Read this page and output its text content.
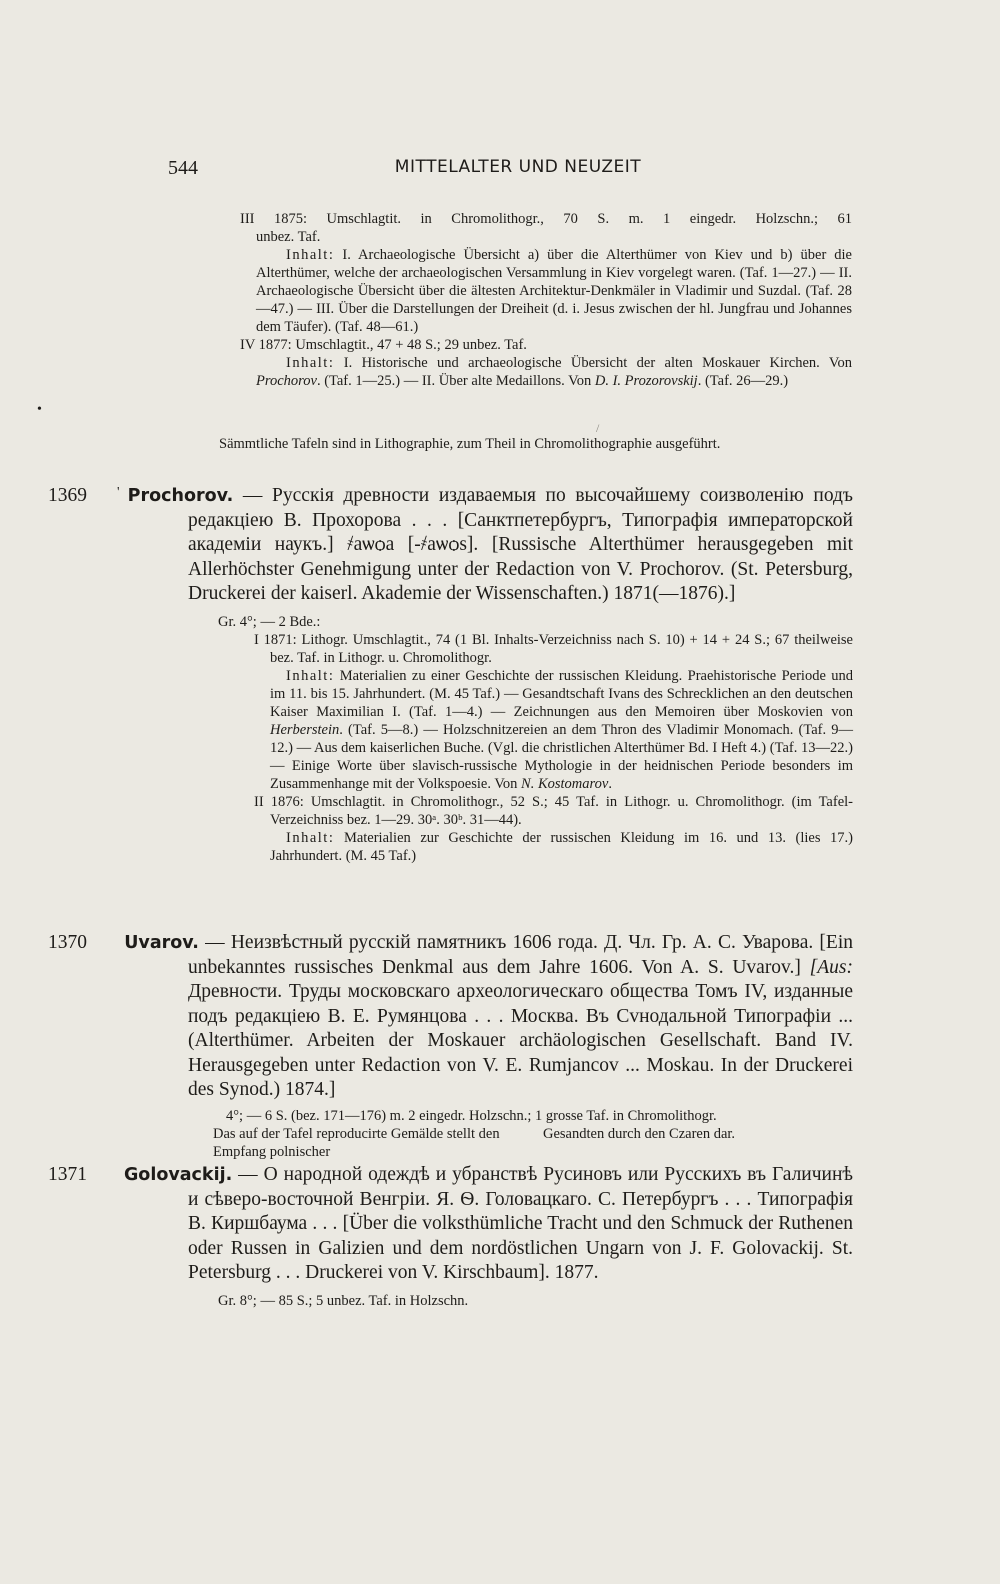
544	MITTELALTER UND NEUZEIT
III 1875: Umschlagtit. in Chromolithogr., 70 S. m. 1 eingedr. Holzschn.; 61
unbez. Taf.
Inhalt: I. Archaeologische Übersicht a) über die Alterthümer von Kiev und b) über die Alterthümer, welche der archaeologischen Versammlung in Kiev vorgelegt waren. (Taf. 1—27.) — II. Archaeologische Übersicht über die ältesten Architektur-Denkmäler in Vladimir und Suzdal. (Taf. 28—47.) — III. Über die Darstellungen der Dreiheit (d. i. Jesus zwischen der hl. Jungfrau und Johannes dem Täufer). (Taf. 48—61.)
IV 1877: Umschlagtit., 47 + 48 S.; 29 unbez. Taf.
Inhalt: I. Historische und archaeologische Übersicht der alten Moskauer Kirchen. Von Prochorov. (Taf. 1—25.) — II. Über alte Medaillons. Von D. I. Prozorovskij. (Taf. 26—29.)
Sämmtliche Tafeln sind in Lithographie, zum Theil in Chromolithographie ausgeführt.
1369 Prochorov. — Русскія древности издаваемыя по высочайшему соизволенію подъ редакціею В. Прохорова . . . [Санктпетербургъ, Типографія императорской академіи наукъ.] ҂аѡѻа [-҂аѡѻѕ]. [Russische Alterthümer herausgegeben mit Allerhöchster Genehmigung unter der Redaction von V. Prochorov. (St. Petersburg, Druckerei der kaiserl. Akademie der Wissenschaften.) 1871(—1876).]
Gr. 4°; — 2 Bde.:
I 1871: Lithogr. Umschlagtit., 74 (1 Bl. Inhalts-Verzeichniss nach S. 10) + 14 + 24 S.; 67 theilweise bez. Taf. in Lithogr. u. Chromolithogr.
Inhalt: Materialien zu einer Geschichte der russischen Kleidung. Praehistorische Periode und im 11. bis 15. Jahrhundert. (M. 45 Taf.) — Gesandtschaft Ivans des Schrecklichen an den deutschen Kaiser Maximilian I. (Taf. 1—4.) — Zeichnungen aus den Memoiren über Moskovien von Herberstein. (Taf. 5—8.) — Holzschnitzereien an dem Thron des Vladimir Monomach. (Taf. 9—12.) — Aus dem kaiserlichen Buche. (Vgl. die christlichen Alterthümer Bd. I Heft 4.) (Taf. 13—22.) — Einige Worte über slavisch-russische Mythologie in der heidnischen Periode besonders im Zusammenhange mit der Volkspoesie. Von N. Kostomarov.
II 1876: Umschlagtit. in Chromolithogr., 52 S.; 45 Taf. in Lithogr. u. Chromolithogr. (im Tafel-Verzeichniss bez. 1—29. 30ᵃ. 30ᵇ. 31—44).
Inhalt: Materialien zur Geschichte der russischen Kleidung im 16. und 13. (lies 17.) Jahrhundert. (M. 45 Taf.)
1370 Uvarov. — Неизвѣстный русскій памятникъ 1606 года. Д. Чл. Гр. А. С. Уварова. [Ein unbekanntes russisches Denkmal aus dem Jahre 1606. Von A. S. Uvarov.] [Aus: Древности. Труды московскаго археологическаго общества Томъ IV, изданные подъ редакціею В. Е. Румянцова . . . Москва. Въ Сvнодальной Типографіи ... (Alterthümer. Arbeiten der Moskauer archäologischen Gesellschaft. Band IV. Herausgegeben unter Redaction von V. E. Rumjancov ... Moskau. In der Druckerei des Synod.) 1874.]
4°; — 6 S. (bez. 171—176) m. 2 eingedr. Holzschn.; 1 grosse Taf. in Chromolithogr.
Das auf der Tafel reproducirte Gemälde stellt den Empfang polnischer
Gesandten durch den Czaren dar.
1371 Golovackij. — О народной одеждѣ и убранствѣ Русиновъ или Русскихъ въ Галичинѣ и сѣверо-восточной Венгріи. Я. Ѳ. Головацкаго. С. Петербургъ . . . Типографія В. Киршбаума . . . [Über die volksthümliche Tracht und den Schmuck der Ruthenen oder Russen in Galizien und dem nordöstlichen Ungarn von J. F. Golovackij. St. Petersburg . . . Druckerei von V. Kirschbaum]. 1877.
Gr. 8°; — 85 S.; 5 unbez. Taf. in Holzschn.
'
•
/
